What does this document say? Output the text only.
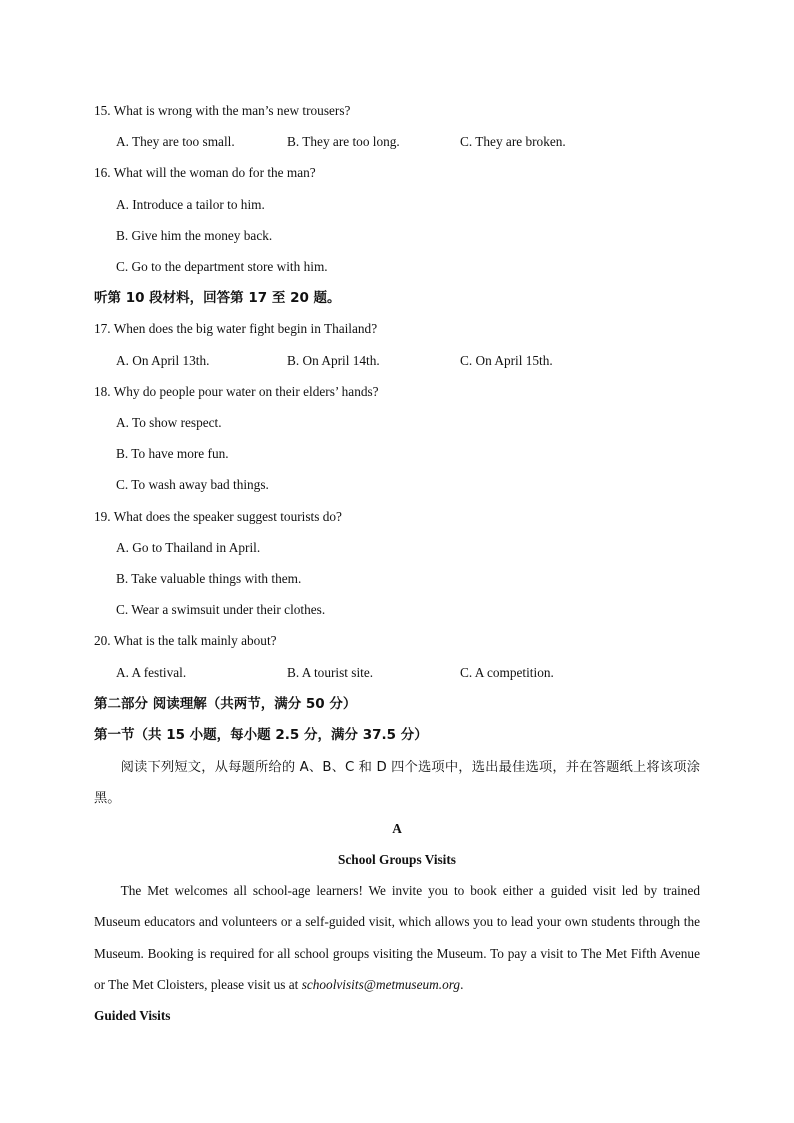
15. What is wrong with the man’s new trousers?
A. They are too small.	B. They are too long.	C. They are broken.
16. What will the woman do for the man?
A. Introduce a tailor to him.
B. Give him the money back.
C. Go to the department store with him.
听第 10 段材料，回答第 17 至 20 题。
17. When does the big water fight begin in Thailand?
A. On April 13th.	B. On April 14th.	C. On April 15th.
18. Why do people pour water on their elders’ hands?
A. To show respect.
B. To have more fun.
C. To wash away bad things.
19. What does the speaker suggest tourists do?
A. Go to Thailand in April.
B. Take valuable things with them.
C. Wear a swimsuit under their clothes.
20. What is the talk mainly about?
A. A festival.	B. A tourist site.	C. A competition.
第二部分 阅读理解（共两节，满分 50 分）
第一节（共 15 小题，每小题 2.5 分，满分 37.5 分）
阅读下列短文，从每题所给的 A、B、C 和 D 四个选项中，选出最佳选项，并在答题纸上将该项涂黑。
A
School Groups Visits
The Met welcomes all school-age learners! We invite you to book either a guided visit led by trained Museum educators and volunteers or a self-guided visit, which allows you to lead your own students through the Museum. Booking is required for all school groups visiting the Museum. To pay a visit to The Met Fifth Avenue or The Met Cloisters, please visit us at schoolvisits@metmuseum.org.
Guided Visits
